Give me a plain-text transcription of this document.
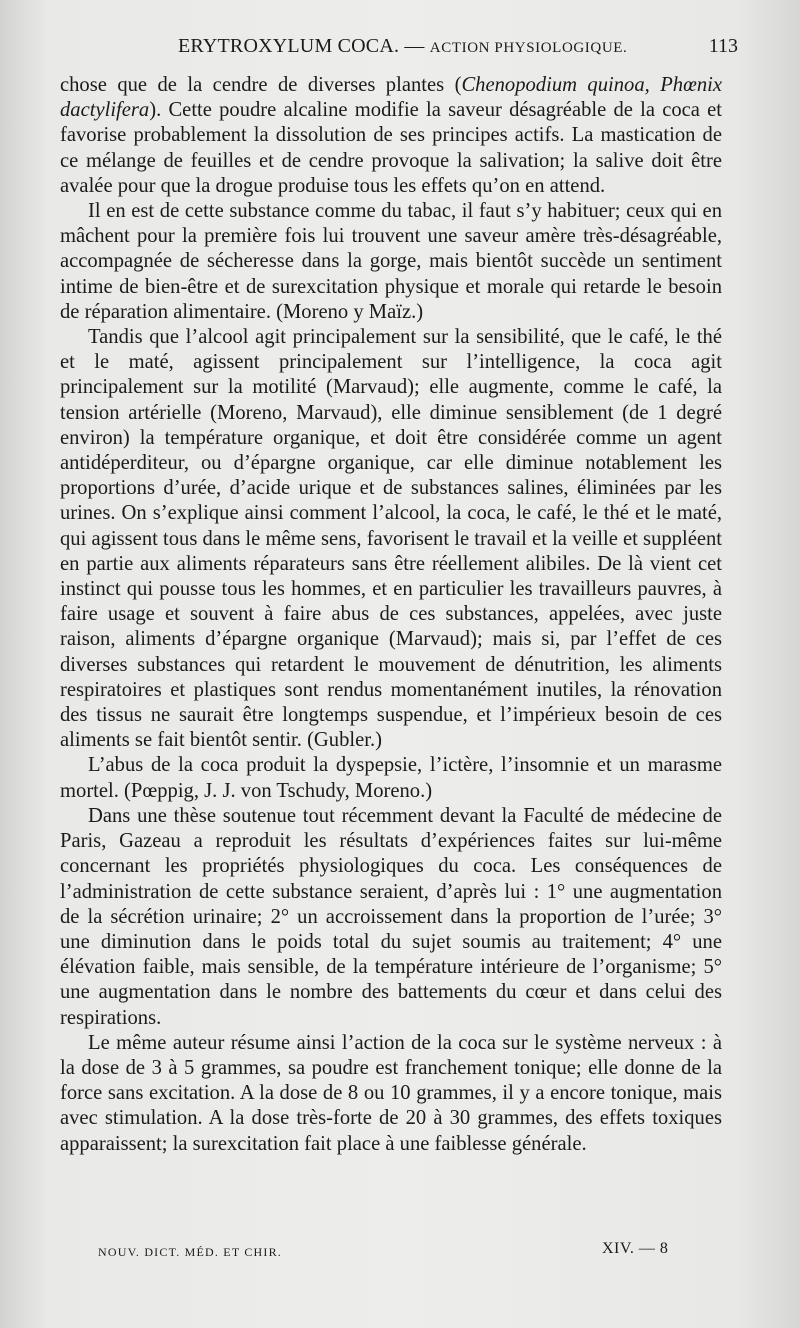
ERYTROXYLUM COCA. — ACTION PHYSIOLOGIQUE.	113

chose que de la cendre de diverses plantes (Chenopodium quinoa, Phœnix dactylifera). Cette poudre alcaline modifie la saveur désagréable de la coca et favorise probablement la dissolution de ses principes actifs. La mastication de ce mélange de feuilles et de cendre provoque la salivation; la salive doit être avalée pour que la drogue produise tous les effets qu’on en attend.

Il en est de cette substance comme du tabac, il faut s’y habituer; ceux qui en mâchent pour la première fois lui trouvent une saveur amère très-désagréable, accompagnée de sécheresse dans la gorge, mais bientôt succède un sentiment intime de bien-être et de surexcitation physique et morale qui retarde le besoin de réparation alimentaire. (Moreno y Maïz.)

Tandis que l’alcool agit principalement sur la sensibilité, que le café, le thé et le maté, agissent principalement sur l’intelligence, la coca agit principalement sur la motilité (Marvaud); elle augmente, comme le café, la tension artérielle (Moreno, Marvaud), elle diminue sensiblement (de 1 degré environ) la température organique, et doit être considérée comme un agent antidéperditeur, ou d’épargne organique, car elle diminue notablement les proportions d’urée, d’acide urique et de substances salines, éliminées par les urines. On s’explique ainsi comment l’alcool, la coca, le café, le thé et le maté, qui agissent tous dans le même sens, favorisent le travail et la veille et suppléent en partie aux aliments réparateurs sans être réellement alibiles. De là vient cet instinct qui pousse tous les hommes, et en particulier les travailleurs pauvres, à faire usage et souvent à faire abus de ces substances, appelées, avec juste raison, aliments d’épargne organique (Marvaud); mais si, par l’effet de ces diverses substances qui retardent le mouvement de dénutrition, les aliments respiratoires et plastiques sont rendus momentanément inutiles, la rénovation des tissus ne saurait être longtemps suspendue, et l’impérieux besoin de ces aliments se fait bientôt sentir. (Gubler.)

L’abus de la coca produit la dyspepsie, l’ictère, l’insomnie et un marasme mortel. (Pœppig, J. J. von Tschudy, Moreno.)

Dans une thèse soutenue tout récemment devant la Faculté de médecine de Paris, Gazeau a reproduit les résultats d’expériences faites sur lui-même concernant les propriétés physiologiques du coca. Les conséquences de l’administration de cette substance seraient, d’après lui : 1° une augmentation de la sécrétion urinaire; 2° un accroissement dans la proportion de l’urée; 3° une diminution dans le poids total du sujet soumis au traitement; 4° une élévation faible, mais sensible, de la température intérieure de l’organisme; 5° une augmentation dans le nombre des battements du cœur et dans celui des respirations.

Le même auteur résume ainsi l’action de la coca sur le système nerveux : à la dose de 3 à 5 grammes, sa poudre est franchement tonique; elle donne de la force sans excitation. A la dose de 8 ou 10 grammes, il y a encore tonique, mais avec stimulation. A la dose très-forte de 20 à 30 grammes, des effets toxiques apparaissent; la surexcitation fait place à une faiblesse générale.

NOUV. DICT. MÉD. ET CHIR.	XIV. — 8
